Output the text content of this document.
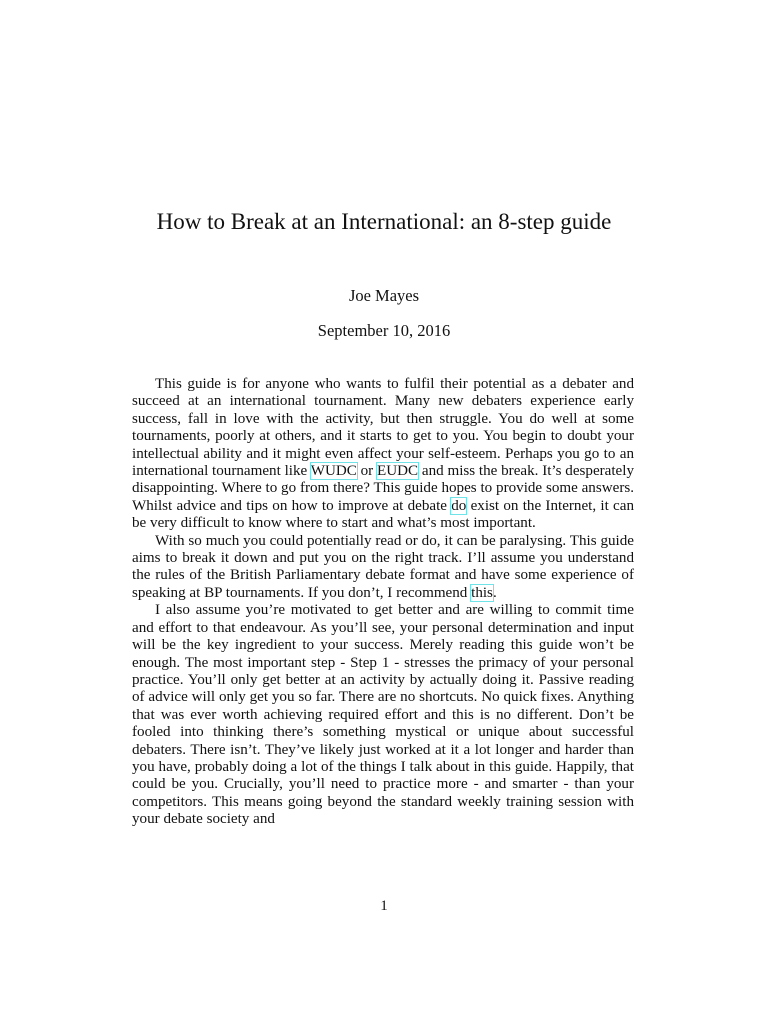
How to Break at an International: an 8-step guide
Joe Mayes
September 10, 2016

This guide is for anyone who wants to fulfil their potential as a debater and succeed at an international tournament. Many new debaters experience early success, fall in love with the activity, but then struggle. You do well at some tournaments, poorly at others, and it starts to get to you. You begin to doubt your intellectual ability and it might even affect your self-esteem. Perhaps you go to an international tournament like WUDC or EUDC and miss the break. It’s desperately disappointing. Where to go from there? This guide hopes to provide some answers. Whilst advice and tips on how to improve at debate do exist on the Internet, it can be very difficult to know where to start and what’s most important.

With so much you could potentially read or do, it can be paralysing. This guide aims to break it down and put you on the right track. I’ll assume you understand the rules of the British Parliamentary debate format and have some experience of speaking at BP tournaments. If you don’t, I recommend this.

I also assume you’re motivated to get better and are willing to commit time and effort to that endeavour. As you’ll see, your personal determination and input will be the key ingredient to your success. Merely reading this guide won’t be enough. The most important step - Step 1 - stresses the primacy of your personal practice. You’ll only get better at an activity by actually doing it. Passive reading of advice will only get you so far. There are no shortcuts. No quick fixes. Anything that was ever worth achieving required effort and this is no different. Don’t be fooled into thinking there’s something mystical or unique about successful debaters. There isn’t. They’ve likely just worked at it a lot longer and harder than you have, probably doing a lot of the things I talk about in this guide. Happily, that could be you. Crucially, you’ll need to practice more - and smarter - than your competitors. This means going beyond the standard weekly training session with your debate society and

1
